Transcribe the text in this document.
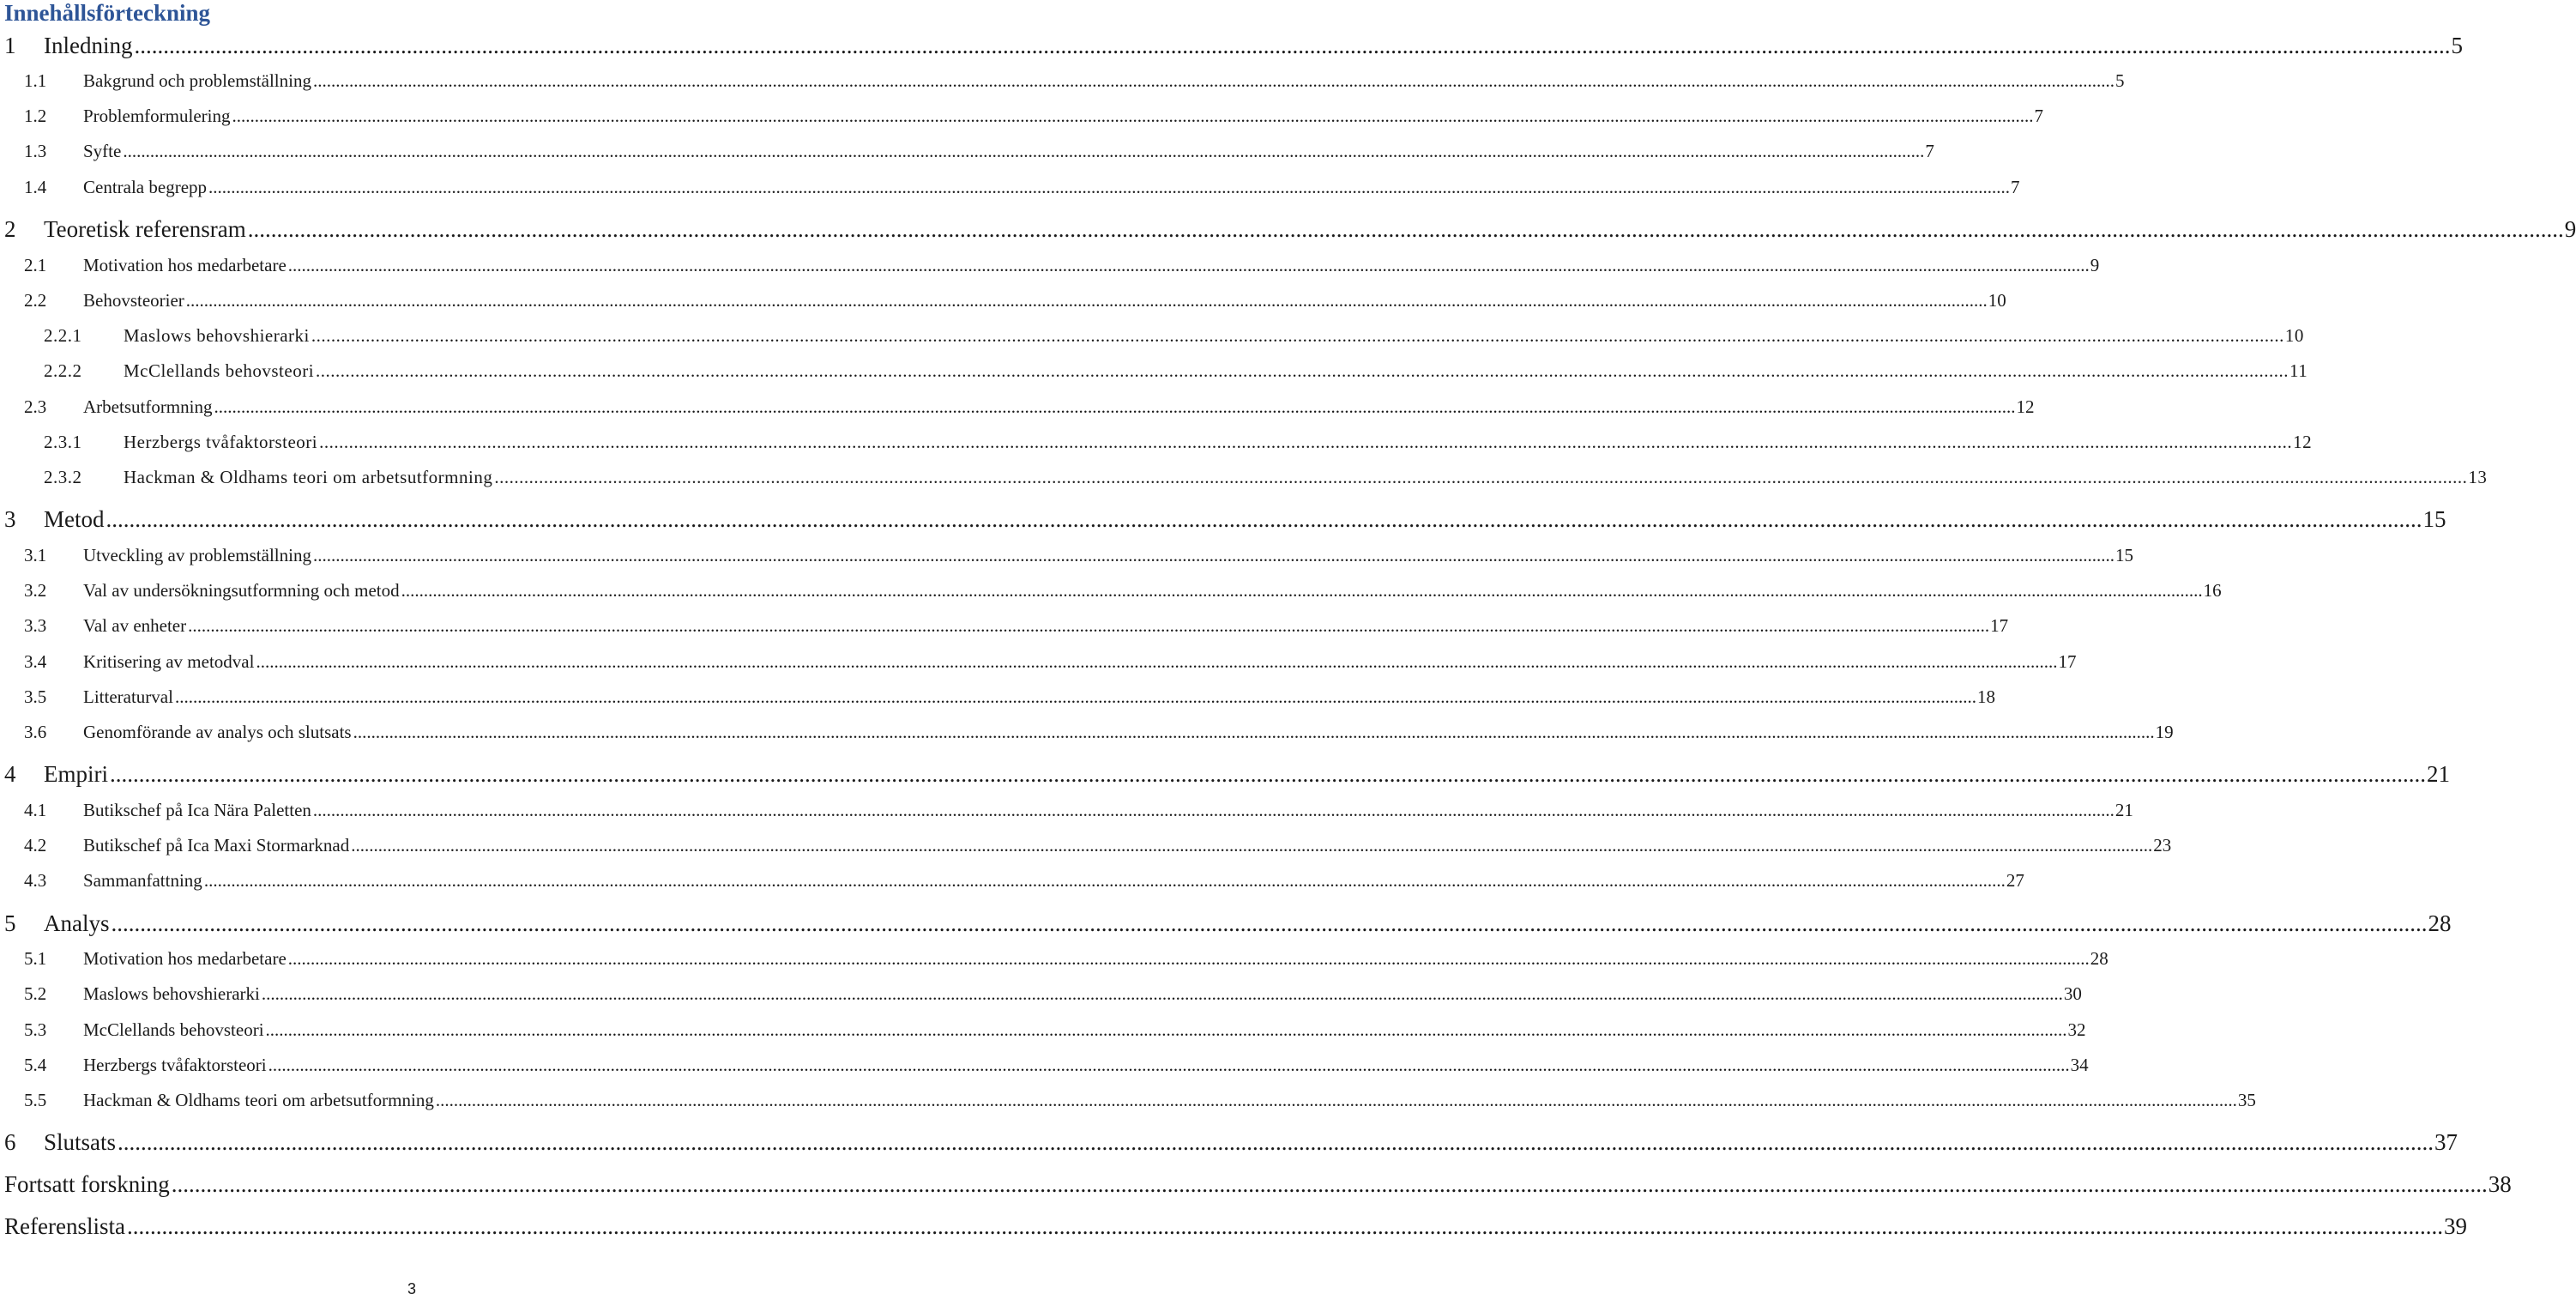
Innehållsförteckning
1 Inledning ................................................................................................................................................................................................................................................................................................................................................................................................................ 5
1.1 Bakgrund och problemställning ................................................................................................................................................................................................................................................................................................................................................................................................................ 5
1.2 Problemformulering ................................................................................................................................................................................................................................................................................................................................................................................................................ 7
1.3 Syfte ................................................................................................................................................................................................................................................................................................................................................................................................................ 7
1.4 Centrala begrepp ................................................................................................................................................................................................................................................................................................................................................................................................................ 7
2 Teoretisk referensram ................................................................................................................................................................................................................................................................................................................................................................................................................ 9
2.1 Motivation hos medarbetare ................................................................................................................................................................................................................................................................................................................................................................................................................ 9
2.2 Behovsteorier ................................................................................................................................................................................................................................................................................................................................................................................................................ 10
2.2.1 Maslows behovshierarki ................................................................................................................................................................................................................................................................................................................................................................................................................ 10
2.2.2 McClellands behovsteori ................................................................................................................................................................................................................................................................................................................................................................................................................ 11
2.3 Arbetsutformning ................................................................................................................................................................................................................................................................................................................................................................................................................ 12
2.3.1 Herzbergs tvåfaktorsteori ................................................................................................................................................................................................................................................................................................................................................................................................................ 12
2.3.2 Hackman & Oldhams teori om arbetsutformning ................................................................................................................................................................................................................................................................................................................................................................................................................ 13
3 Metod ................................................................................................................................................................................................................................................................................................................................................................................................................ 15
3.1 Utveckling av problemställning ................................................................................................................................................................................................................................................................................................................................................................................................................ 15
3.2 Val av undersökningsutformning och metod ................................................................................................................................................................................................................................................................................................................................................................................................................ 16
3.3 Val av enheter ................................................................................................................................................................................................................................................................................................................................................................................................................ 17
3.4 Kritisering av metodval ................................................................................................................................................................................................................................................................................................................................................................................................................ 17
3.5 Litteraturval ................................................................................................................................................................................................................................................................................................................................................................................................................ 18
3.6 Genomförande av analys och slutsats ................................................................................................................................................................................................................................................................................................................................................................................................................ 19
4 Empiri ................................................................................................................................................................................................................................................................................................................................................................................................................ 21
4.1 Butikschef på Ica Nära Paletten ................................................................................................................................................................................................................................................................................................................................................................................................................ 21
4.2 Butikschef på Ica Maxi Stormarknad ................................................................................................................................................................................................................................................................................................................................................................................................................ 23
4.3 Sammanfattning ................................................................................................................................................................................................................................................................................................................................................................................................................ 27
5 Analys ................................................................................................................................................................................................................................................................................................................................................................................................................ 28
5.1 Motivation hos medarbetare ................................................................................................................................................................................................................................................................................................................................................................................................................ 28
5.2 Maslows behovshierarki ................................................................................................................................................................................................................................................................................................................................................................................................................ 30
5.3 McClellands behovsteori ................................................................................................................................................................................................................................................................................................................................................................................................................ 32
5.4 Herzbergs tvåfaktorsteori ................................................................................................................................................................................................................................................................................................................................................................................................................ 34
5.5 Hackman & Oldhams teori om arbetsutformning ................................................................................................................................................................................................................................................................................................................................................................................................................ 35
6 Slutsats ................................................................................................................................................................................................................................................................................................................................................................................................................ 37
Fortsatt forskning ................................................................................................................................................................................................................................................................................................................................................................................................................ 38
Referenslista ................................................................................................................................................................................................................................................................................................................................................................................................................ 39
3
